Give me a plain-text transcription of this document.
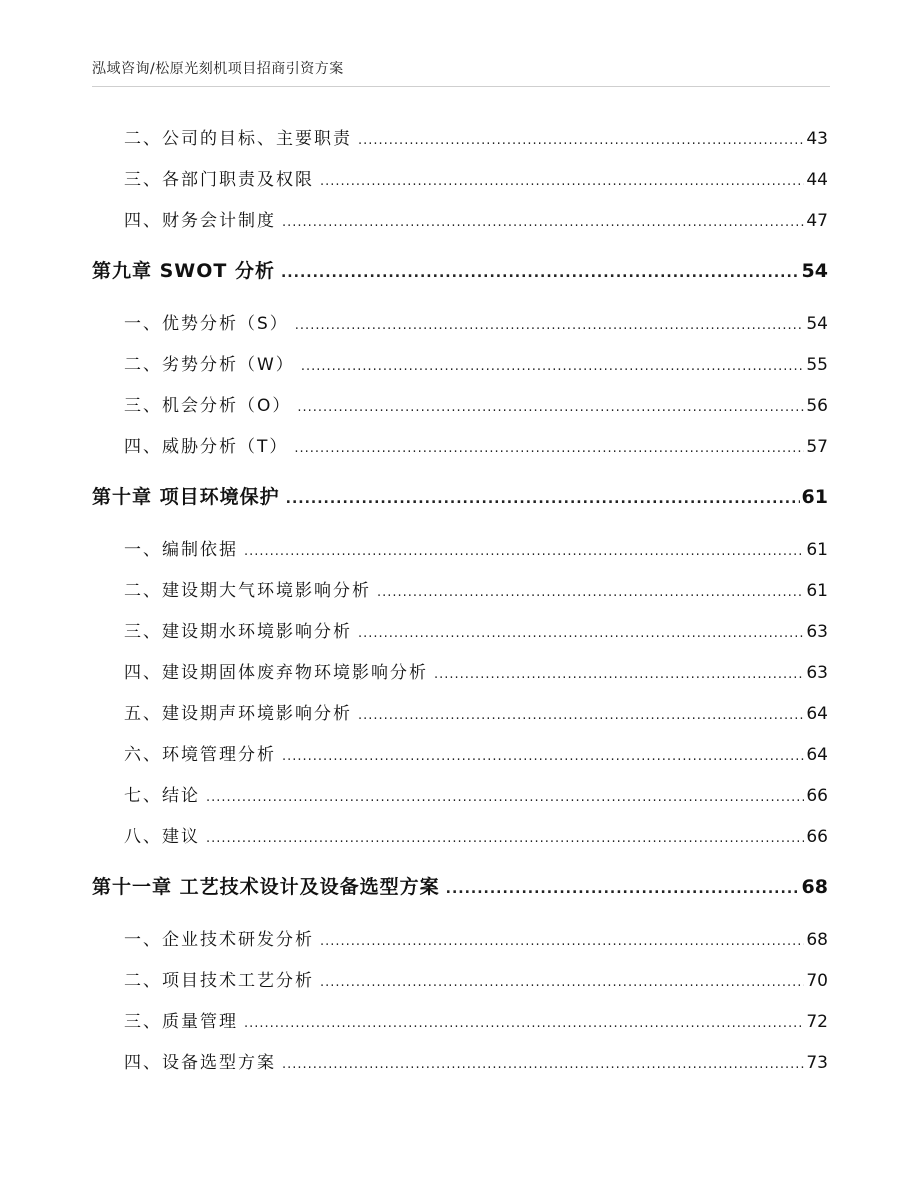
泓域咨询/松原光刻机项目招商引资方案
二、 公司的目标、主要职责 .....	43
三、 各部门职责及权限 .....	44
四、 财务会计制度 .....	47
第九章 SWOT 分析 .....	54
一、 优势分析（S） .....	54
二、 劣势分析（W） .....	55
三、 机会分析（O） .....	56
四、 威胁分析（T） .....	57
第十章 项目环境保护 .....	61
一、 编制依据 .....	61
二、 建设期大气环境影响分析 .....	61
三、 建设期水环境影响分析 .....	63
四、 建设期固体废弃物环境影响分析 .....	63
五、 建设期声环境影响分析 .....	64
六、 环境管理分析 .....	64
七、 结论 .....	66
八、 建议 .....	66
第十一章 工艺技术设计及设备选型方案 .....	68
一、 企业技术研发分析 .....	68
二、 项目技术工艺分析 .....	70
三、 质量管理 .....	72
四、 设备选型方案 .....	73
